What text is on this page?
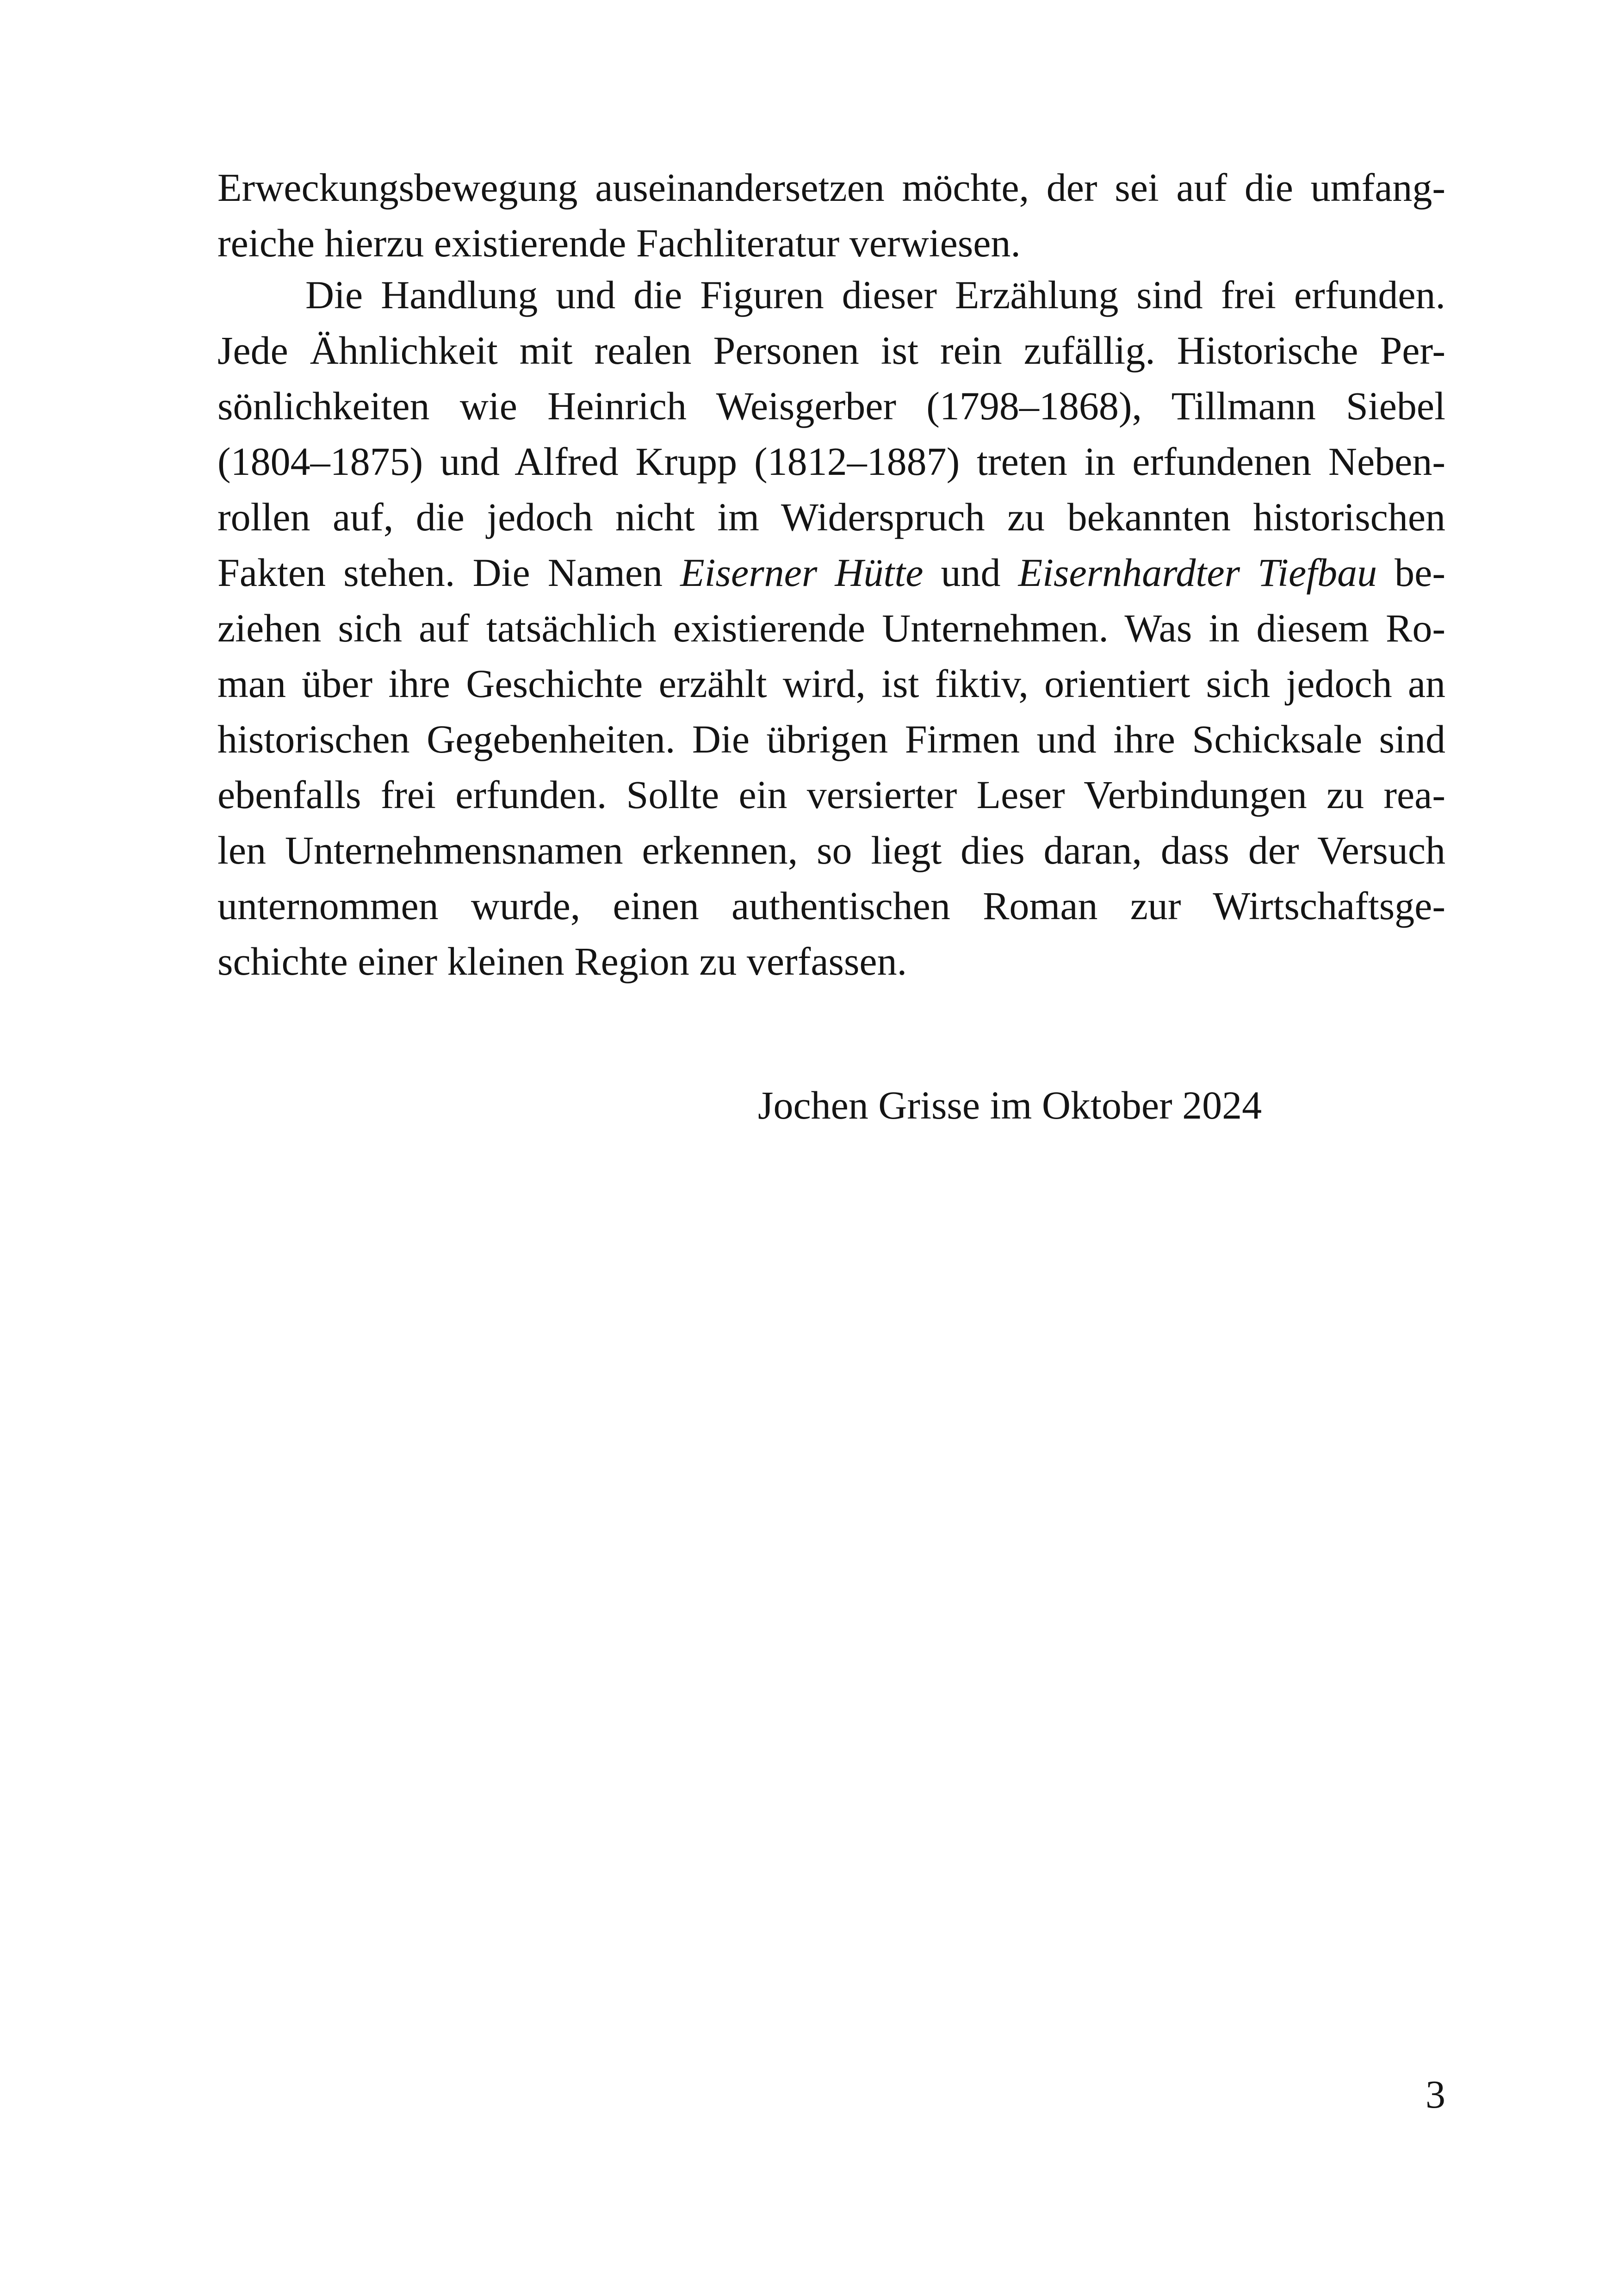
Erweckungsbewegung auseinandersetzen möchte, der sei auf die umfang-
reiche hierzu existierende Fachliteratur verwiesen.
Die Handlung und die Figuren dieser Erzählung sind frei erfunden.
Jede Ähnlichkeit mit realen Personen ist rein zufällig. Historische Per-
sönlichkeiten wie Heinrich Weisgerber (1798–1868), Tillmann Siebel
(1804–1875) und Alfred Krupp (1812–1887) treten in erfundenen Neben-
rollen auf, die jedoch nicht im Widerspruch zu bekannten historischen
Fakten stehen. Die Namen Eiserner Hütte und Eisernhardter Tiefbau be-
ziehen sich auf tatsächlich existierende Unternehmen. Was in diesem Ro-
man über ihre Geschichte erzählt wird, ist fiktiv, orientiert sich jedoch an
historischen Gegebenheiten. Die übrigen Firmen und ihre Schicksale sind
ebenfalls frei erfunden. Sollte ein versierter Leser Verbindungen zu rea-
len Unternehmensnamen erkennen, so liegt dies daran, dass der Versuch
unternommen wurde, einen authentischen Roman zur Wirtschaftsge-
schichte einer kleinen Region zu verfassen.
Jochen Grisse im Oktober 2024
3
